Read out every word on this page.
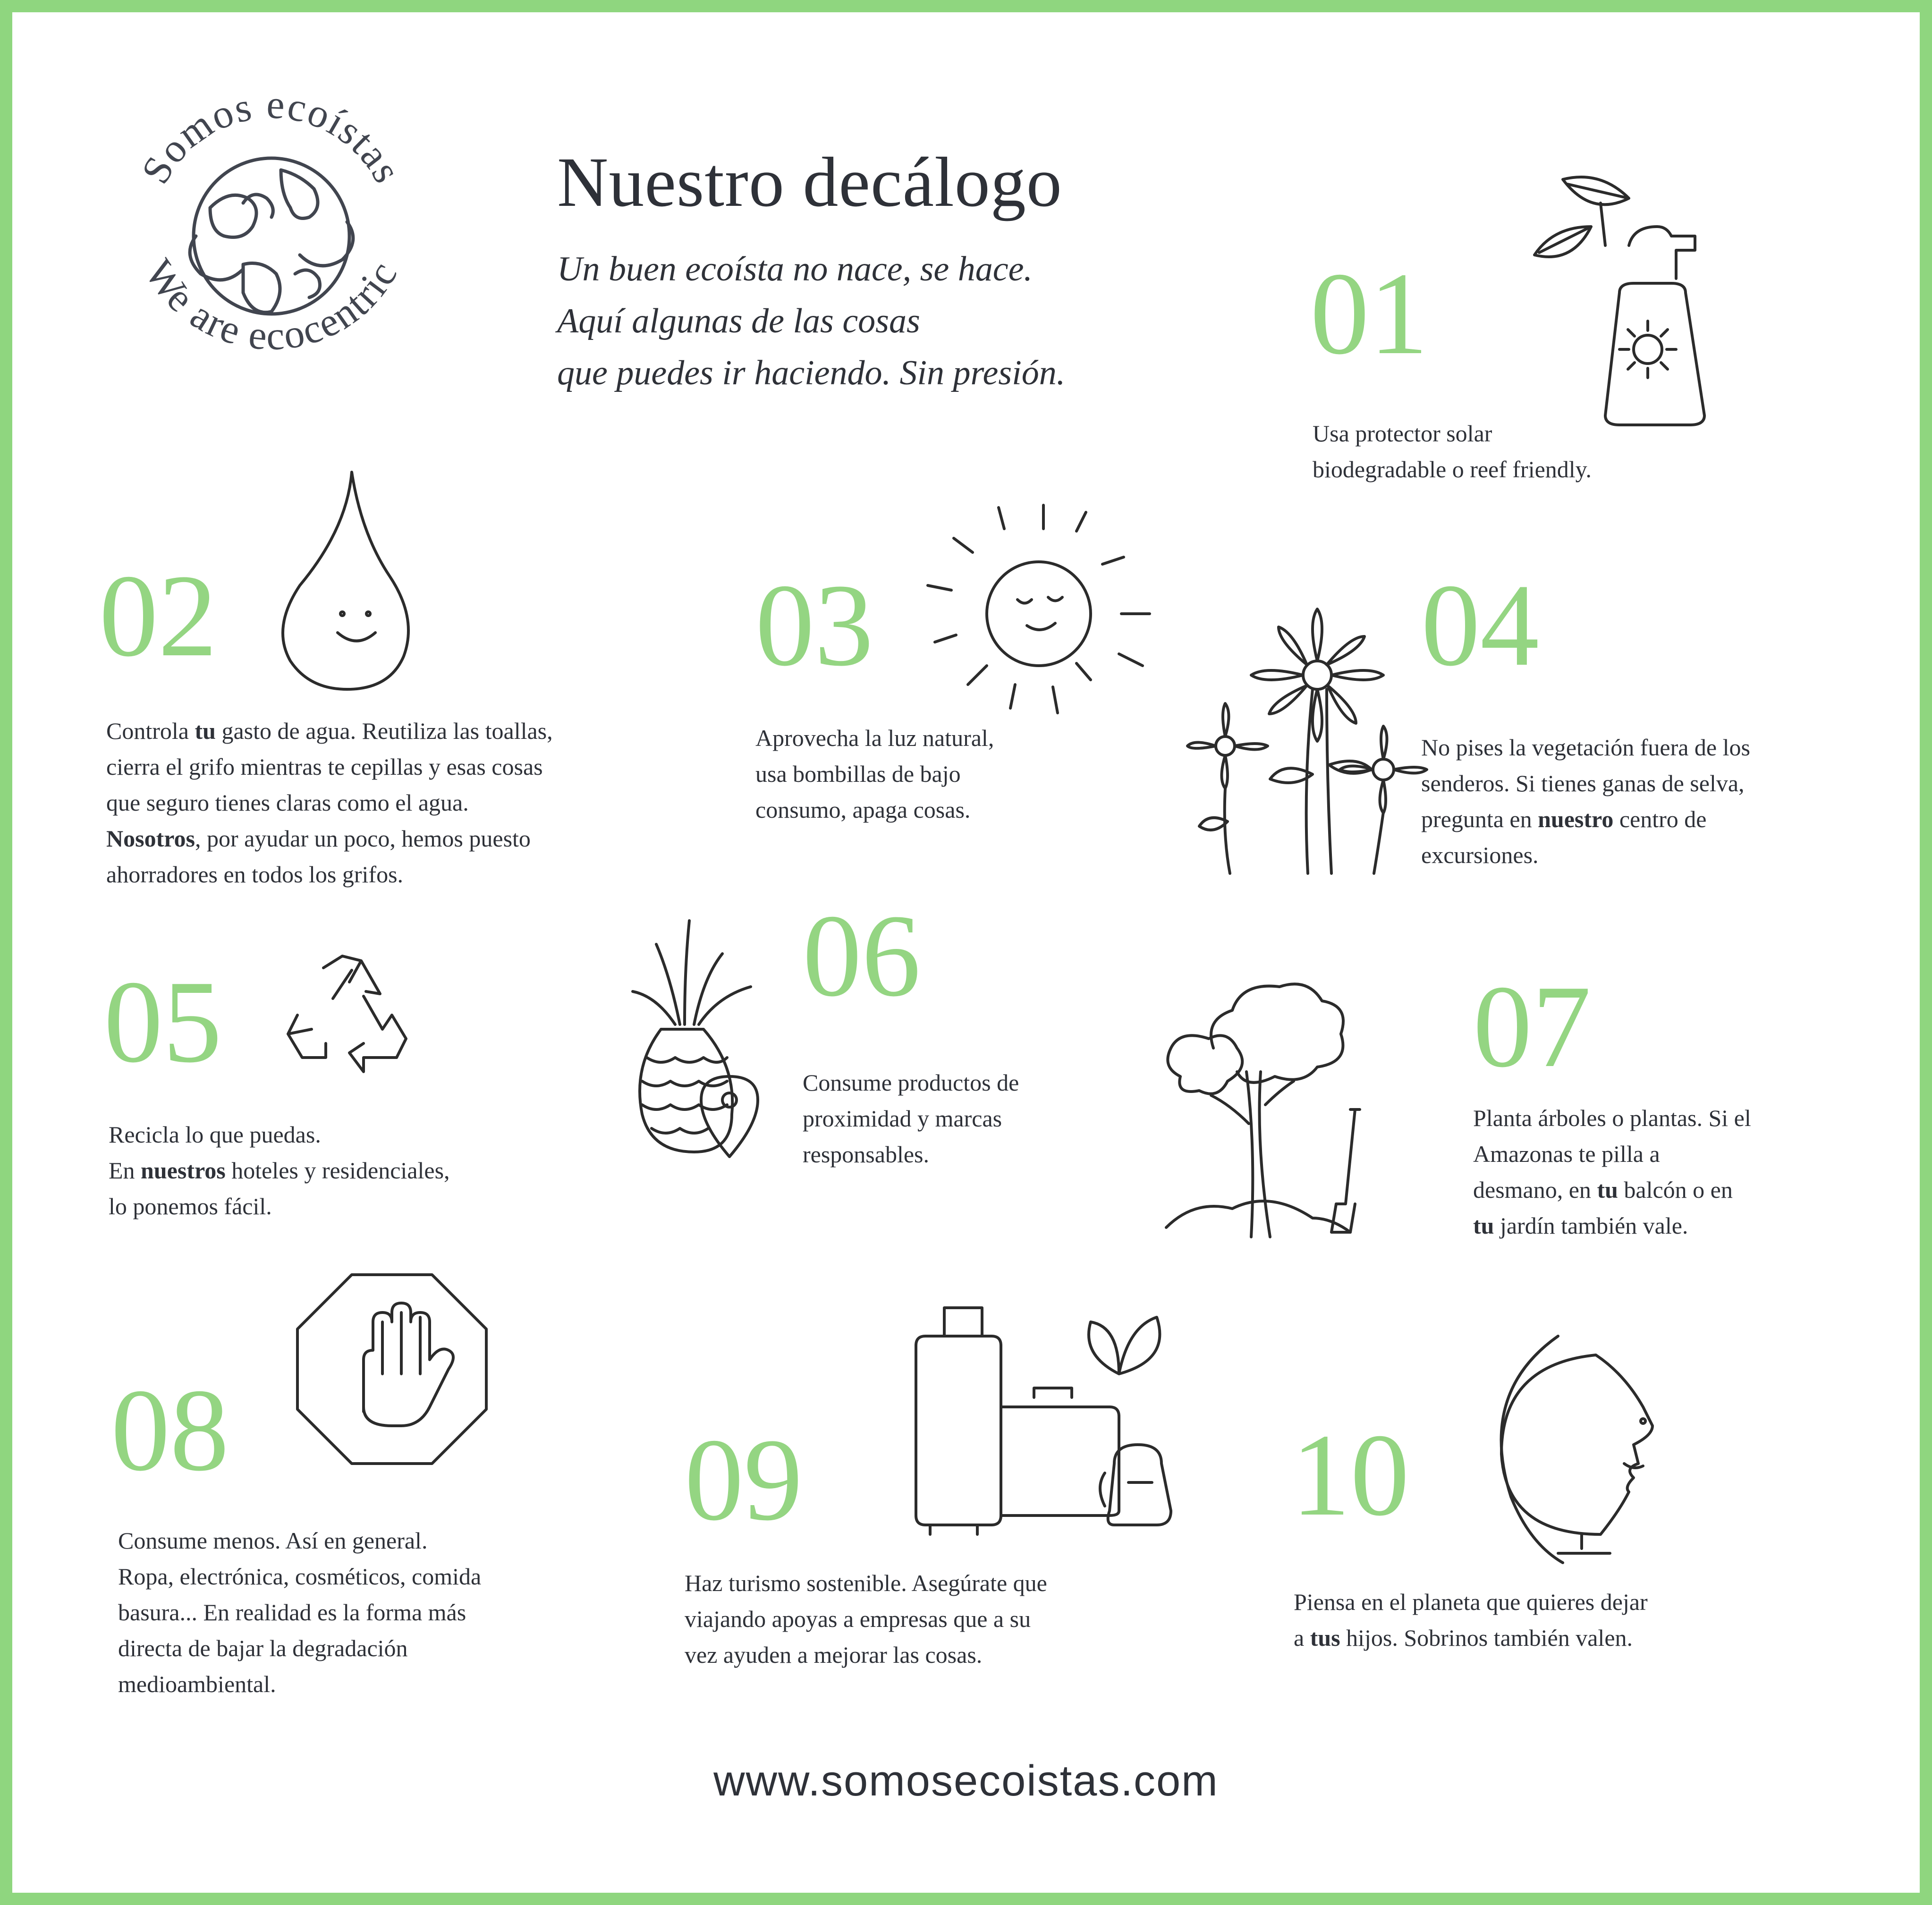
Somos ecoístas
We are ecocentric
Nuestro decálogo
Un buen ecoísta no nace, se hace.
Aquí algunas de las cosas
que puedes ir haciendo. Sin presión. 01

Usa protector solar
biodegradable o reef friendly.

02

Controla tu gasto de agua. Reutiliza las toallas,
cierra el grifo mientras te cepillas y esas cosas
que seguro tienes claras como el agua.
Nosotros, por ayudar un poco, hemos puesto
ahorradores en todos los grifos.

03

Aprovecha la luz natural,
usa bombillas de bajo
consumo, apaga cosas.

04

No pises la vegetación fuera de los
senderos. Si tienes ganas de selva,
pregunta en nuestro centro de
excursiones.

05

Recicla lo que puedas.
En nuestros hoteles y residenciales,
lo ponemos fácil.

06

Consume productos de
proximidad y marcas
responsables.

07

Planta árboles o plantas. Si el
Amazonas te pilla a
desmano, en tu balcón o en
tu jardín también vale.

08

Consume menos. Así en general.
Ropa, electrónica, cosméticos, comida
basura... En realidad es la forma más
directa de bajar la degradación
medioambiental.

09

Haz turismo sostenible. Asegúrate que
viajando apoyas a empresas que a su
vez ayuden a mejorar las cosas.

10

Piensa en el planeta que quieres dejar
a tus hijos. Sobrinos también valen.

www.somosecoistas.com
